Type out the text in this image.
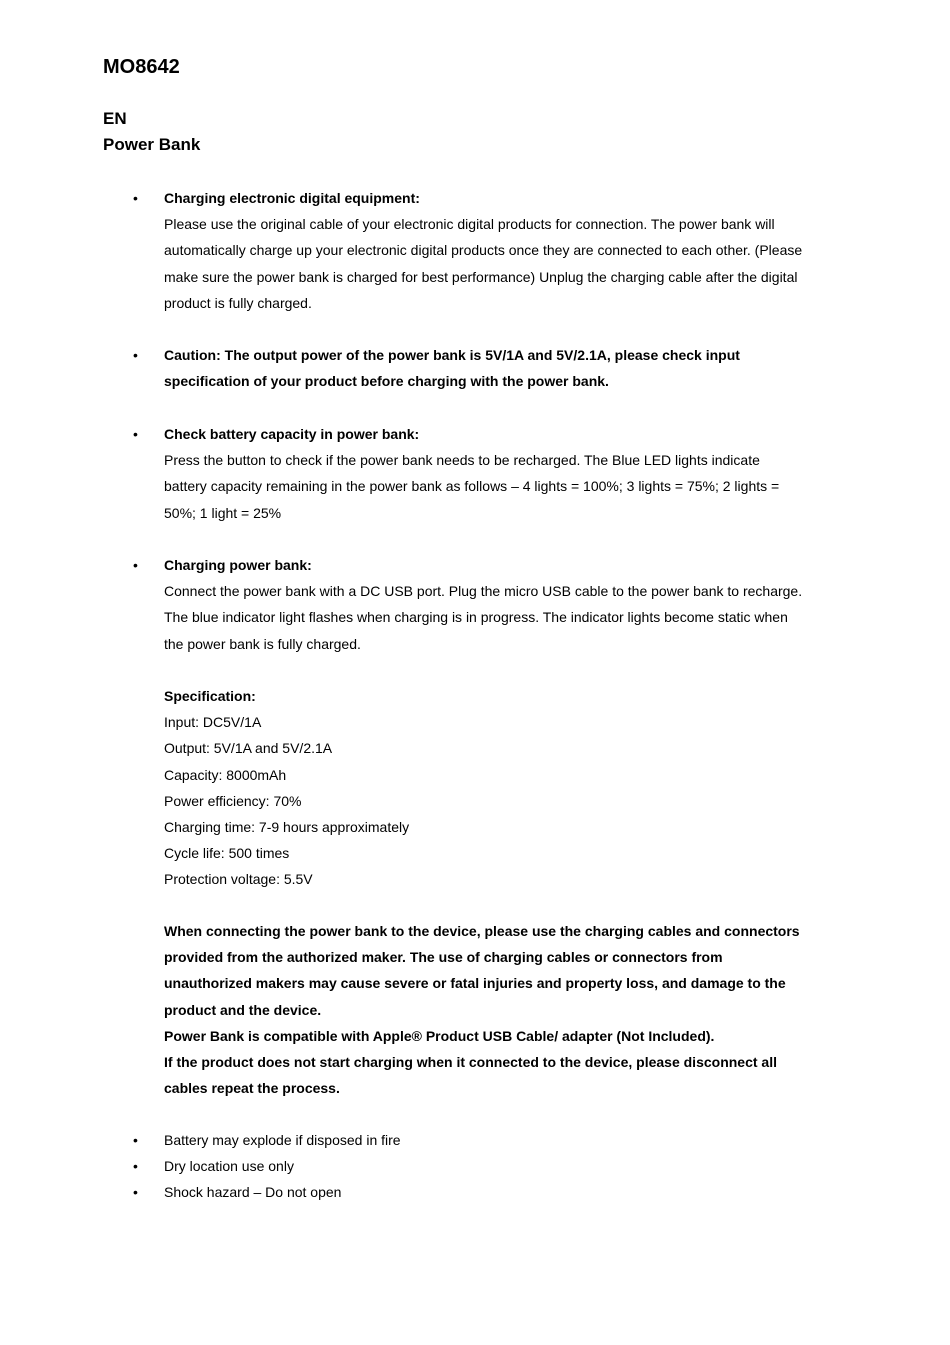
MO8642
EN
Power Bank
• Charging electronic digital equipment:

Please use the original cable of your electronic digital products for connection. The power bank will automatically charge up your electronic digital products once they are connected to each other. (Please make sure the power bank is charged for best performance) Unplug the charging cable after the digital product is fully charged.

• Caution: The output power of the power bank is 5V/1A and 5V/2.1A, please check input specification of your product before charging with the power bank.

• Check battery capacity in power bank:

Press the button to check if the power bank needs to be recharged. The Blue LED lights indicate battery capacity remaining in the power bank as follows – 4 lights = 100%; 3 lights = 75%; 2 lights = 50%; 1 light = 25%

• Charging power bank:

Connect the power bank with a DC USB port. Plug the micro USB cable to the power bank to recharge. The blue indicator light flashes when charging is in progress. The indicator lights become static when the power bank is fully charged.

Specification:

Input: DC5V/1A

Output: 5V/1A and 5V/2.1A

Capacity: 8000mAh

Power efficiency: 70%

Charging time: 7-9 hours approximately

Cycle life: 500 times

Protection voltage: 5.5V

When connecting the power bank to the device, please use the charging cables and connectors provided from the authorized maker. The use of charging cables or connectors from unauthorized makers may cause severe or fatal injuries and property loss, and damage to the product and the device.

Power Bank is compatible with Apple® Product USB Cable/ adapter (Not Included).

If the product does not start charging when it connected to the device, please disconnect all cables repeat the process.

• Battery may explode if disposed in fire
• Dry location use only
• Shock hazard – Do not open
